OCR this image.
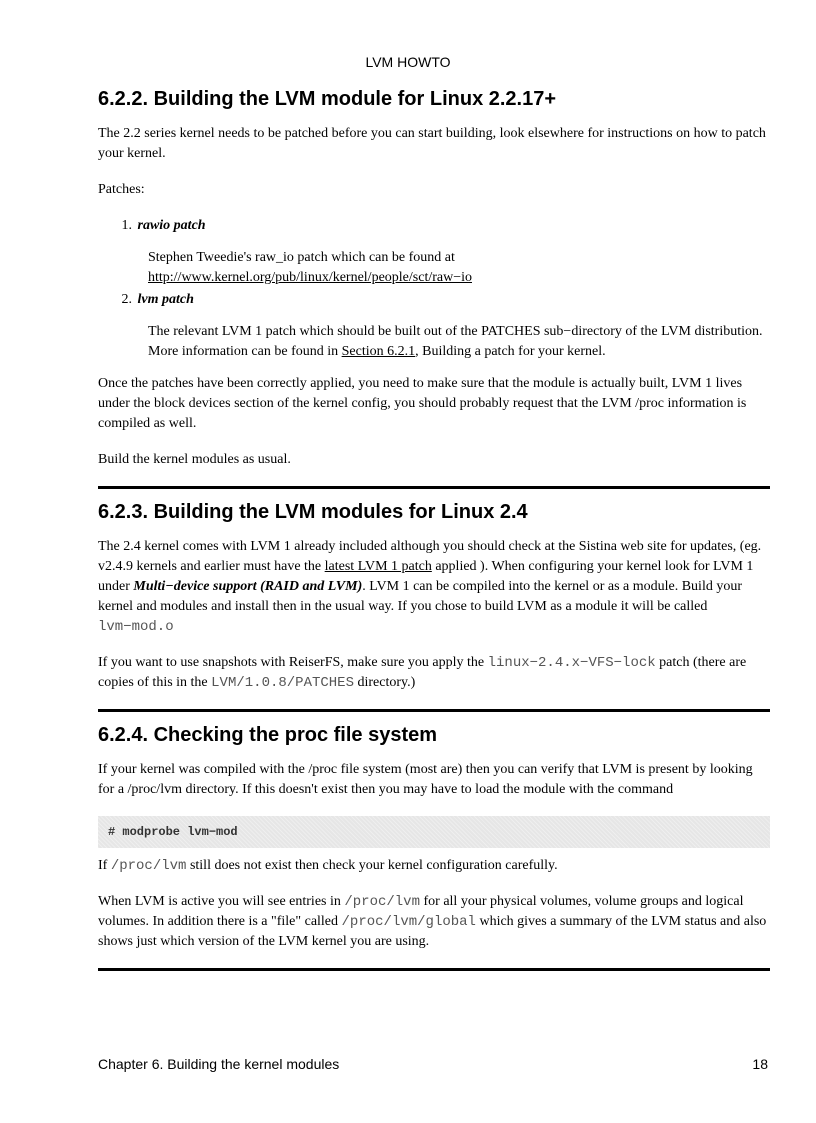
LVM HOWTO
6.2.2. Building the LVM module for Linux 2.2.17+

The 2.2 series kernel needs to be patched before you can start building, look elsewhere for instructions on how to patch your kernel.

Patches:

1. rawio patch

Stephen Tweedie's raw_io patch which can be found at
http://www.kernel.org/pub/linux/kernel/people/sct/raw−io

2. lvm patch

The relevant LVM 1 patch which should be built out of the PATCHES sub−directory of the LVM distribution. More information can be found in Section 6.2.1, Building a patch for your kernel.

Once the patches have been correctly applied, you need to make sure that the module is actually built, LVM 1 lives under the block devices section of the kernel config, you should probably request that the LVM /proc information is compiled as well.

Build the kernel modules as usual.

6.2.3. Building the LVM modules for Linux 2.4

The 2.4 kernel comes with LVM 1 already included although you should check at the Sistina web site for updates, (eg. v2.4.9 kernels and earlier must have the latest LVM 1 patch applied ). When configuring your kernel look for LVM 1 under Multi−device support (RAID and LVM). LVM 1 can be compiled into the kernel or as a module. Build your kernel and modules and install then in the usual way. If you chose to build LVM as a module it will be called lvm−mod.o

If you want to use snapshots with ReiserFS, make sure you apply the linux−2.4.x−VFS−lock patch (there are copies of this in the LVM/1.0.8/PATCHES directory.)

6.2.4. Checking the proc file system

If your kernel was compiled with the /proc file system (most are) then you can verify that LVM is present by looking for a /proc/lvm directory. If this doesn't exist then you may have to load the module with the command

# modprobe lvm−mod

If /proc/lvm still does not exist then check your kernel configuration carefully.

When LVM is active you will see entries in /proc/lvm for all your physical volumes, volume groups and logical volumes. In addition there is a "file" called /proc/lvm/global which gives a summary of the LVM status and also shows just which version of the LVM kernel you are using.

Chapter 6. Building the kernel modules	18
